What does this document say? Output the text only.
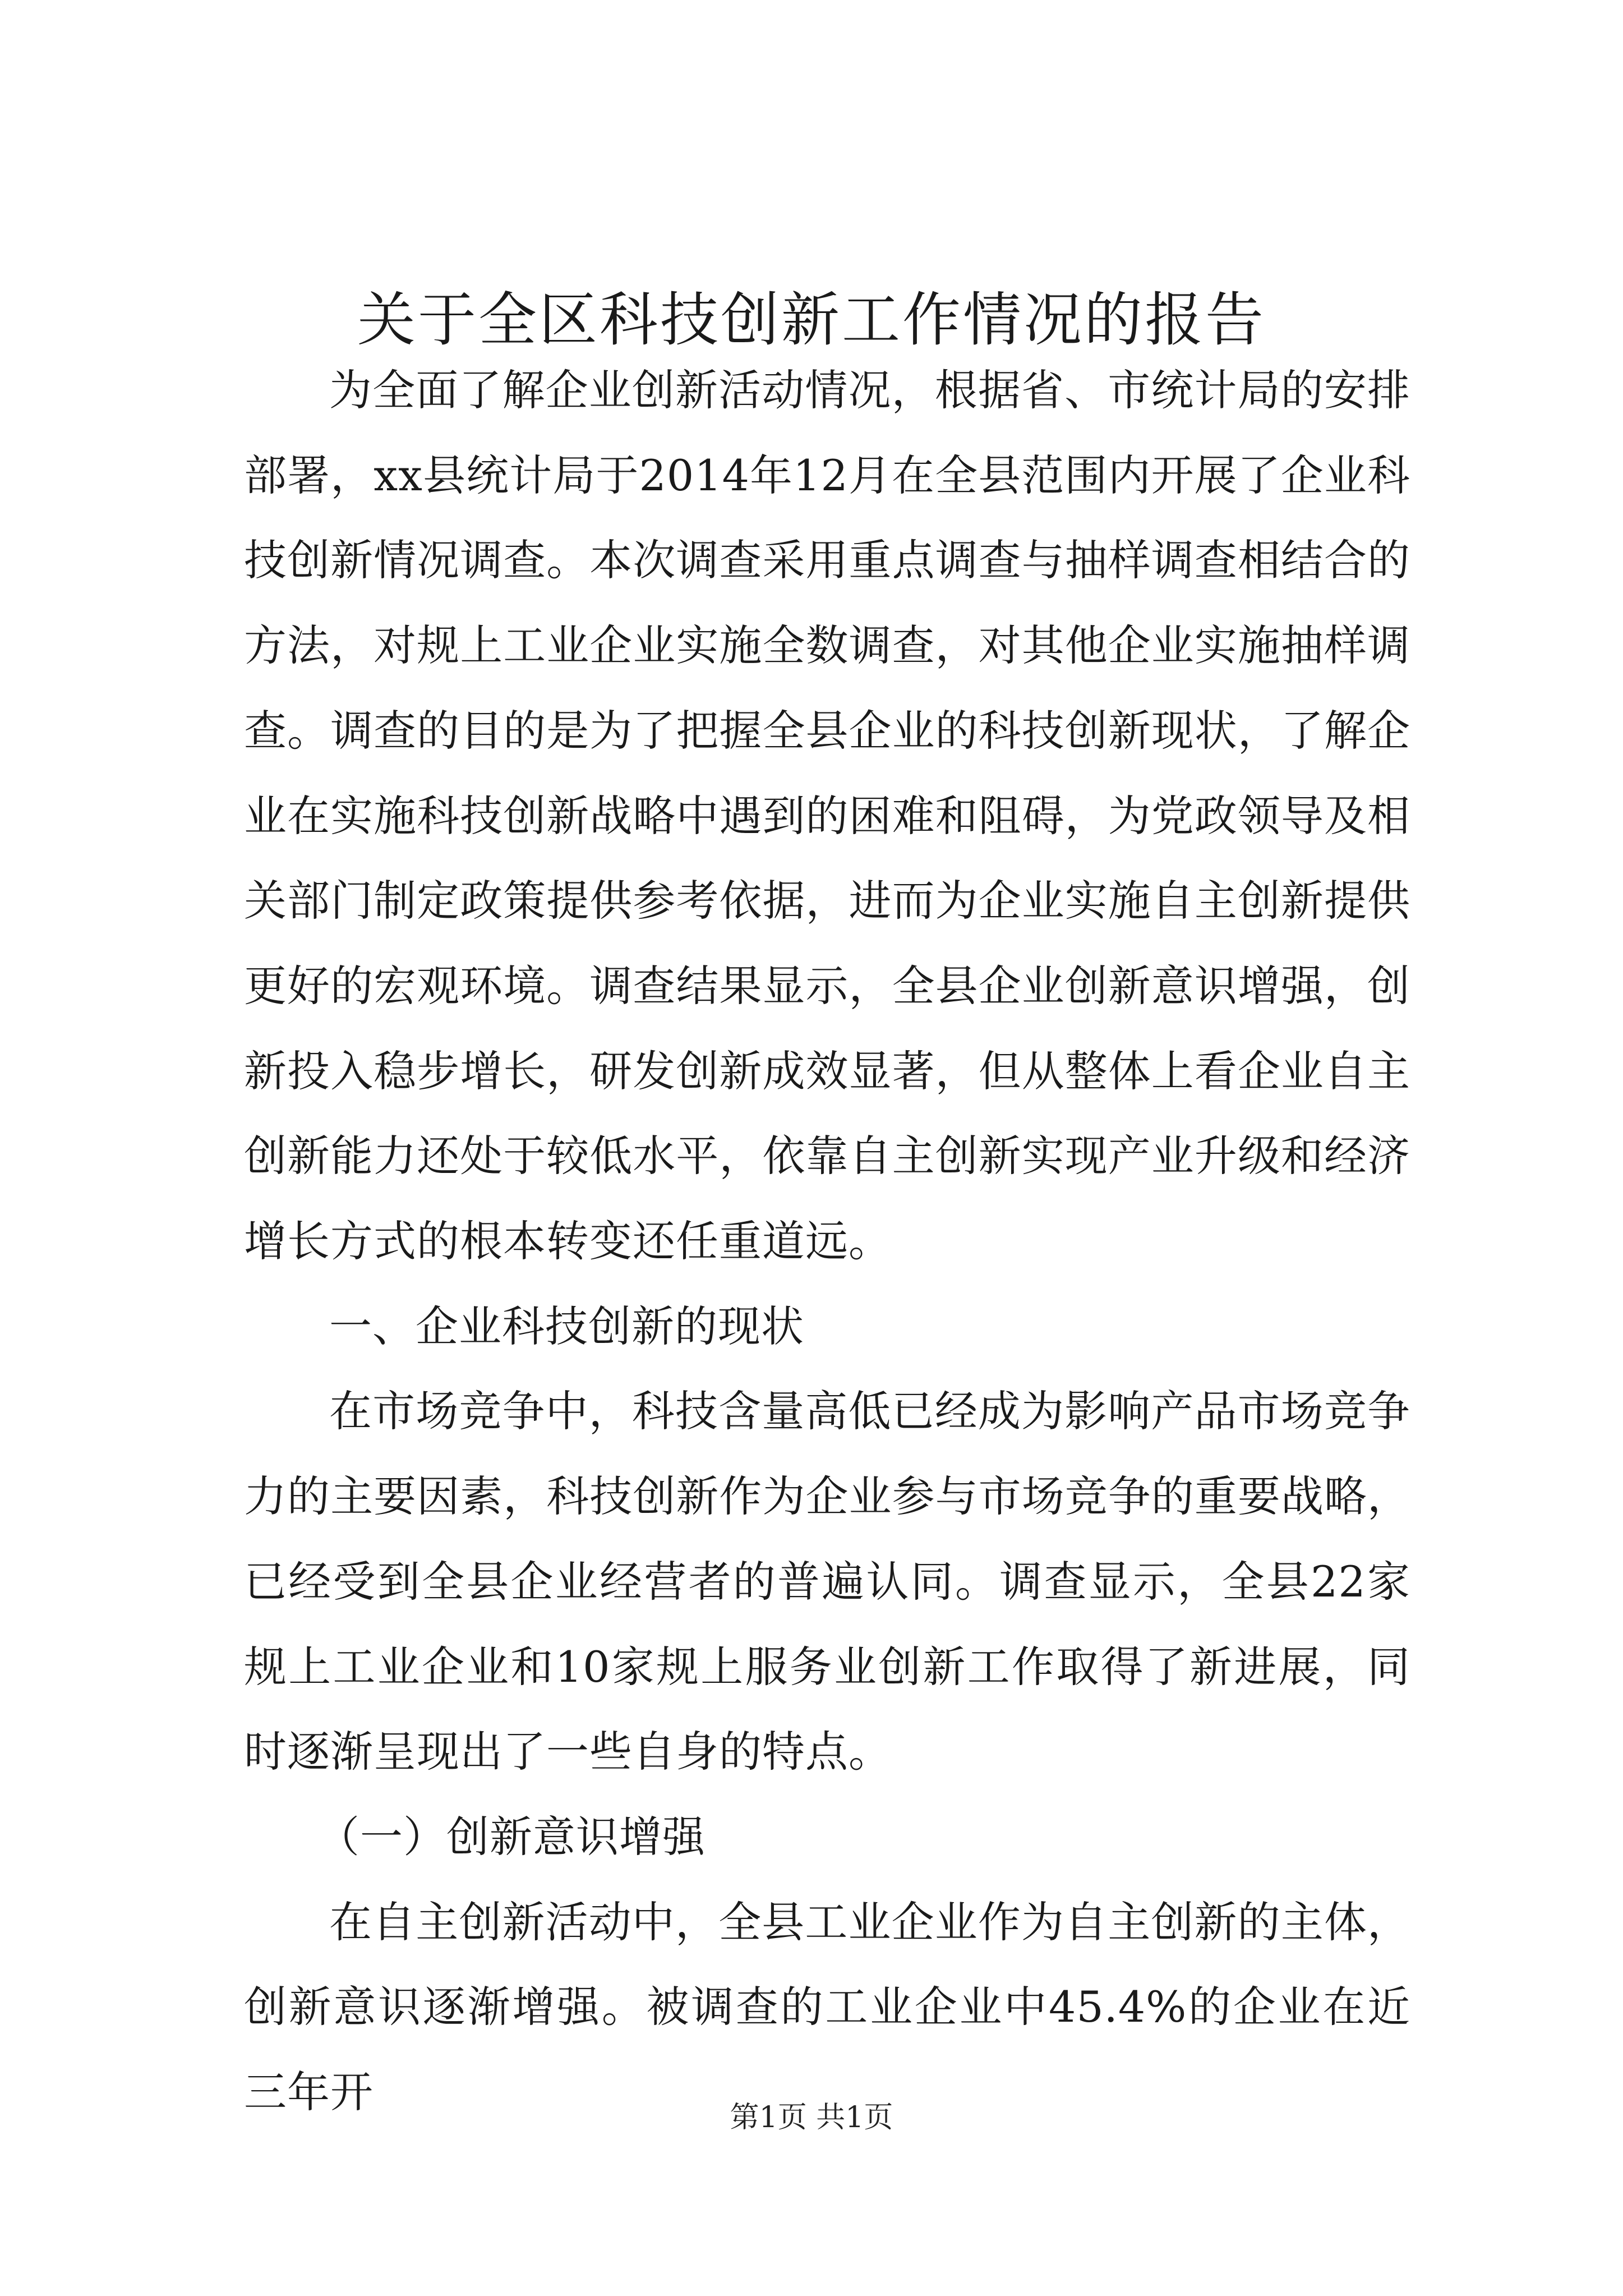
关于全区科技创新工作情况的报告

为全面了解企业创新活动情况，根据省、市统计局的安排部署，xx县统计局于2014年12月在全县范围内开展了企业科技创新情况调查。本次调查采用重点调查与抽样调查相结合的方法，对规上工业企业实施全数调查，对其他企业实施抽样调查。调查的目的是为了把握全县企业的科技创新现状，了解企业在实施科技创新战略中遇到的困难和阻碍，为党政领导及相关部门制定政策提供参考依据，进而为企业实施自主创新提供更好的宏观环境。调查结果显示，全县企业创新意识增强，创新投入稳步增长，研发创新成效显著，但从整体上看企业自主创新能力还处于较低水平，依靠自主创新实现产业升级和经济增长方式的根本转变还任重道远。

一、企业科技创新的现状

在市场竞争中，科技含量高低已经成为影响产品市场竞争力的主要因素，科技创新作为企业参与市场竞争的重要战略，已经受到全县企业经营者的普遍认同。调查显示，全县22家规上工业企业和10家规上服务业创新工作取得了新进展，同时逐渐呈现出了一些自身的特点。

（一）创新意识增强

在自主创新活动中，全县工业企业作为自主创新的主体，创新意识逐渐增强。被调查的工业企业中45.4%的企业在近三年开

第1页 共1页
